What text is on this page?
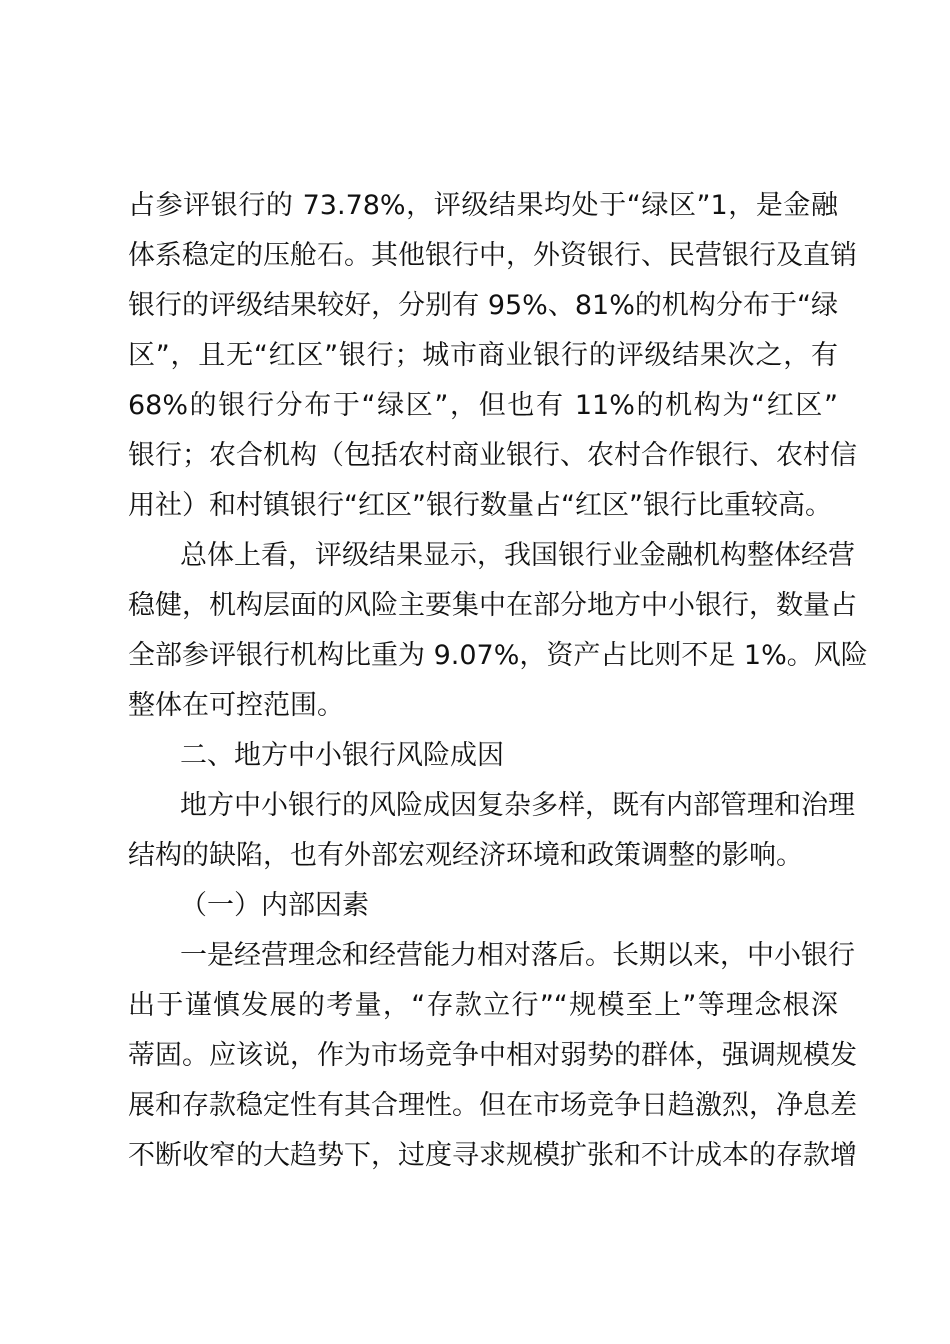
占参评银行的 73.78%，评级结果均处于“绿区”1，是金融
体系稳定的压舱石。其他银行中，外资银行、民营银行及直销
银行的评级结果较好，分别有 95%、81%的机构分布于“绿
区”，且无“红区”银行；城市商业银行的评级结果次之，有
68%的银行分布于“绿区”，但也有 11%的机构为“红区”
银行；农合机构（包括农村商业银行、农村合作银行、农村信
用社）和村镇银行“红区”银行数量占“红区”银行比重较高。
总体上看，评级结果显示，我国银行业金融机构整体经营
稳健，机构层面的风险主要集中在部分地方中小银行，数量占
全部参评银行机构比重为 9.07%，资产占比则不足 1%。风险
整体在可控范围。
二、地方中小银行风险成因
地方中小银行的风险成因复杂多样，既有内部管理和治理
结构的缺陷，也有外部宏观经济环境和政策调整的影响。
（一）内部因素
一是经营理念和经营能力相对落后。长期以来，中小银行
出于谨慎发展的考量，“存款立行”“规模至上”等理念根深
蒂固。应该说，作为市场竞争中相对弱势的群体，强调规模发
展和存款稳定性有其合理性。但在市场竞争日趋激烈，净息差
不断收窄的大趋势下，过度寻求规模扩张和不计成本的存款增
